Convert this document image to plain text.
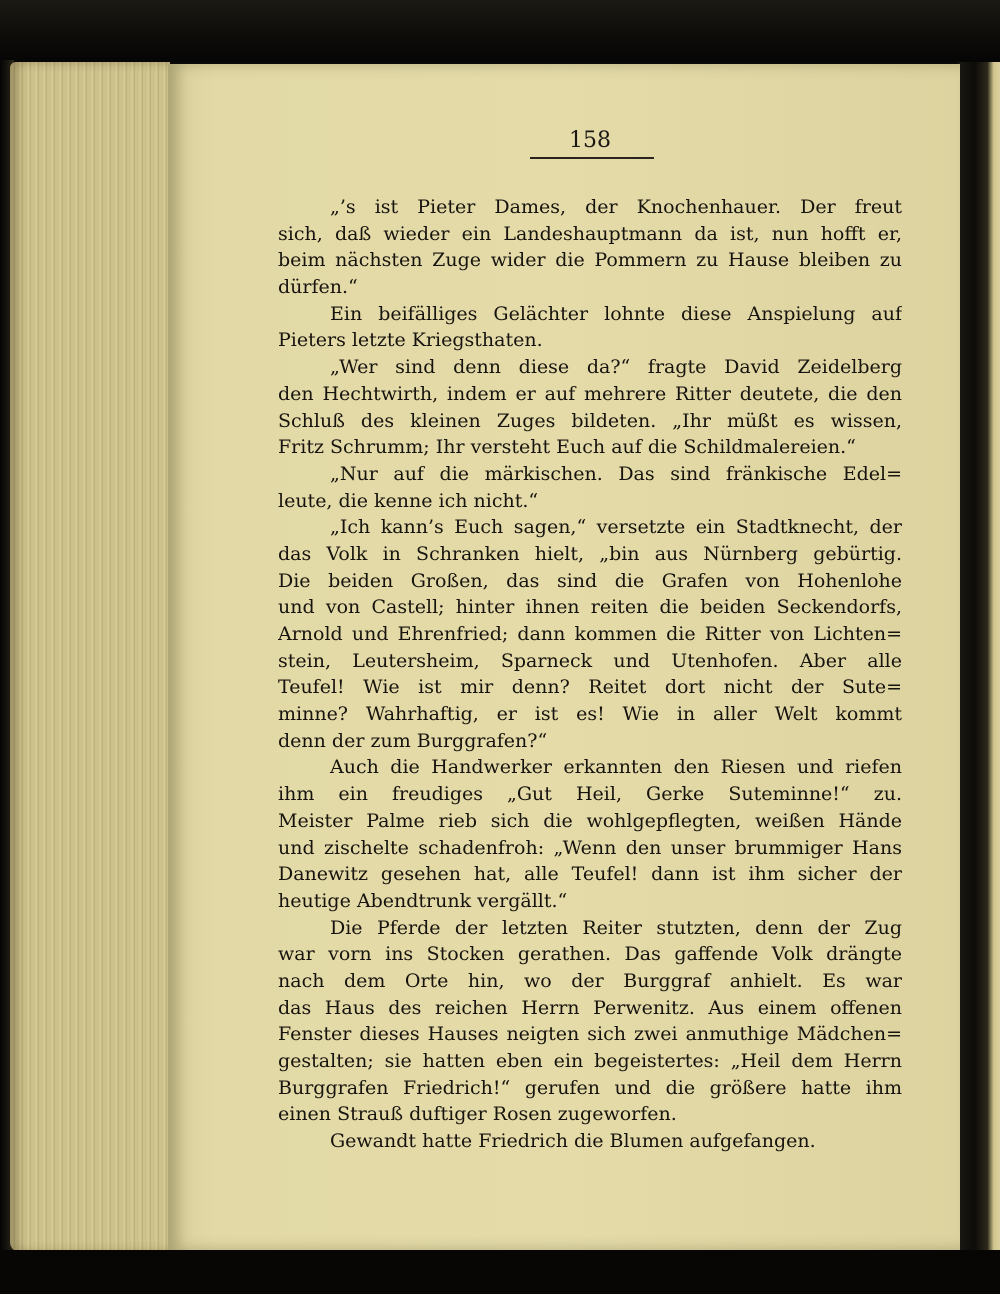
158
„’s ist Pieter Dames, der Knochenhauer. Der freut
sich, daß wieder ein Landeshauptmann da ist, nun hofft er,
beim nächsten Zuge wider die Pommern zu Hause bleiben zu
dürfen.“
Ein beifälliges Gelächter lohnte diese Anspielung auf
Pieters letzte Kriegsthaten.
„Wer sind denn diese da?“ fragte David Zeidelberg
den Hechtwirth, indem er auf mehrere Ritter deutete, die den
Schluß des kleinen Zuges bildeten. „Ihr müßt es wissen,
Fritz Schrumm; Ihr versteht Euch auf die Schildmalereien.“
„Nur auf die märkischen. Das sind fränkische Edel=
leute, die kenne ich nicht.“
„Ich kann’s Euch sagen,“ versetzte ein Stadtknecht, der
das Volk in Schranken hielt, „bin aus Nürnberg gebürtig.
Die beiden Großen, das sind die Grafen von Hohenlohe
und von Castell; hinter ihnen reiten die beiden Seckendorfs,
Arnold und Ehrenfried; dann kommen die Ritter von Lichten=
stein, Leutersheim, Sparneck und Utenhofen. Aber alle
Teufel! Wie ist mir denn? Reitet dort nicht der Sute=
minne? Wahrhaftig, er ist es! Wie in aller Welt kommt
denn der zum Burggrafen?“
Auch die Handwerker erkannten den Riesen und riefen
ihm ein freudiges „Gut Heil, Gerke Suteminne!“ zu.
Meister Palme rieb sich die wohlgepflegten, weißen Hände
und zischelte schadenfroh: „Wenn den unser brummiger Hans
Danewitz gesehen hat, alle Teufel! dann ist ihm sicher der
heutige Abendtrunk vergällt.“
Die Pferde der letzten Reiter stutzten, denn der Zug
war vorn ins Stocken gerathen. Das gaffende Volk drängte
nach dem Orte hin, wo der Burggraf anhielt. Es war
das Haus des reichen Herrn Perwenitz. Aus einem offenen
Fenster dieses Hauses neigten sich zwei anmuthige Mädchen=
gestalten; sie hatten eben ein begeistertes: „Heil dem Herrn
Burggrafen Friedrich!“ gerufen und die größere hatte ihm
einen Strauß duftiger Rosen zugeworfen.
Gewandt hatte Friedrich die Blumen aufgefangen.
